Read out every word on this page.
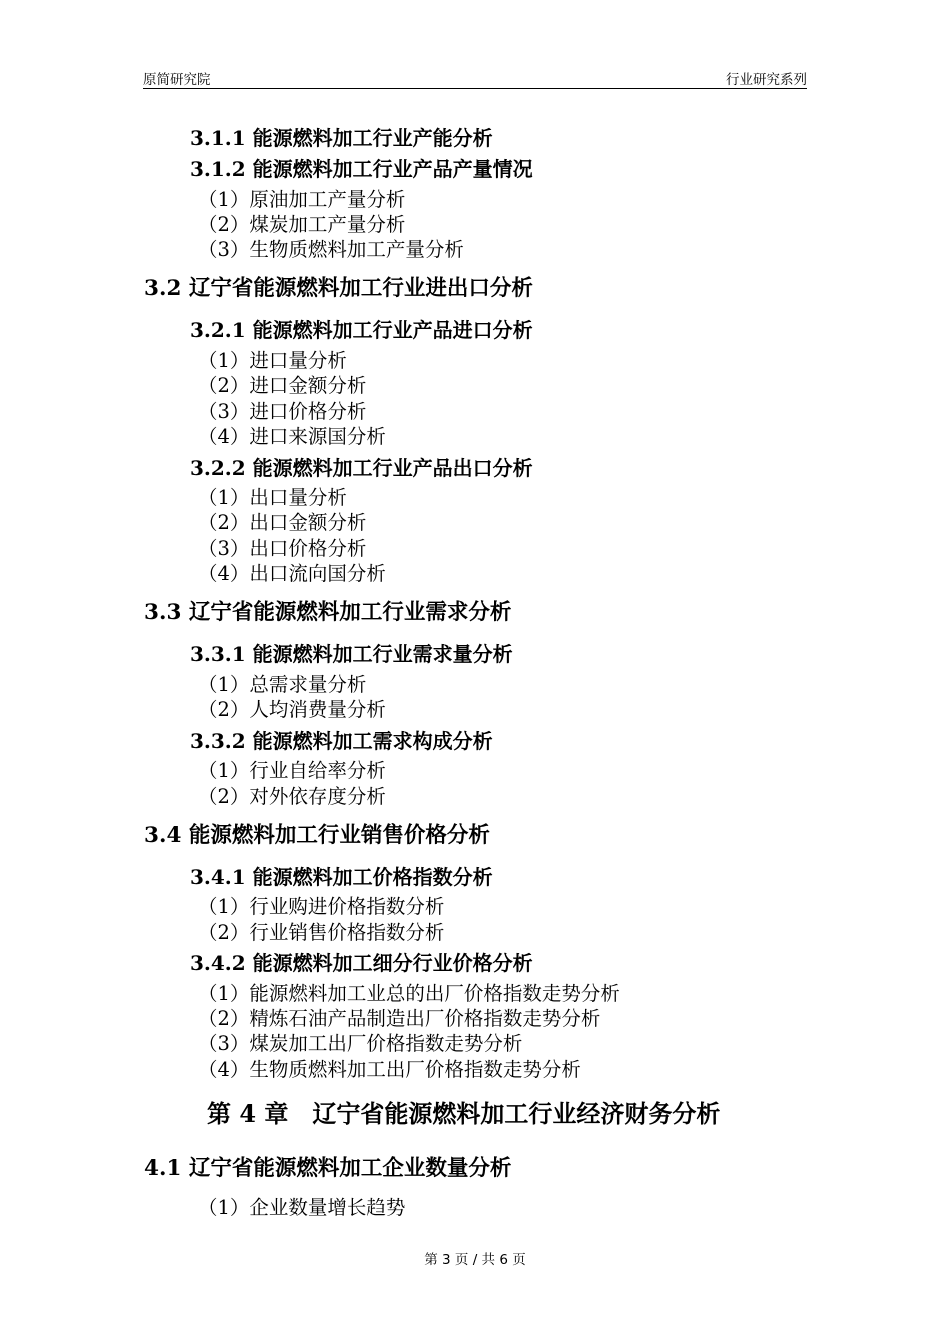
原简研究院	行业研究系列
3.1.1 能源燃料加工行业产能分析
3.1.2 能源燃料加工行业产品产量情况
（1）原油加工产量分析
（2）煤炭加工产量分析
（3）生物质燃料加工产量分析
3.2 辽宁省能源燃料加工行业进出口分析
3.2.1 能源燃料加工行业产品进口分析
（1）进口量分析
（2）进口金额分析
（3）进口价格分析
（4）进口来源国分析
3.2.2 能源燃料加工行业产品出口分析
（1）出口量分析
（2）出口金额分析
（3）出口价格分析
（4）出口流向国分析
3.3 辽宁省能源燃料加工行业需求分析
3.3.1 能源燃料加工行业需求量分析
（1）总需求量分析
（2）人均消费量分析
3.3.2 能源燃料加工需求构成分析
（1）行业自给率分析
（2）对外依存度分析
3.4 能源燃料加工行业销售价格分析
3.4.1 能源燃料加工价格指数分析
（1）行业购进价格指数分析
（2）行业销售价格指数分析
3.4.2 能源燃料加工细分行业价格分析
（1）能源燃料加工业总的出厂价格指数走势分析
（2）精炼石油产品制造出厂价格指数走势分析
（3）煤炭加工出厂价格指数走势分析
（4）生物质燃料加工出厂价格指数走势分析
第 4 章　辽宁省能源燃料加工行业经济财务分析
4.1 辽宁省能源燃料加工企业数量分析
（1）企业数量增长趋势
第 3 页 / 共 6 页
